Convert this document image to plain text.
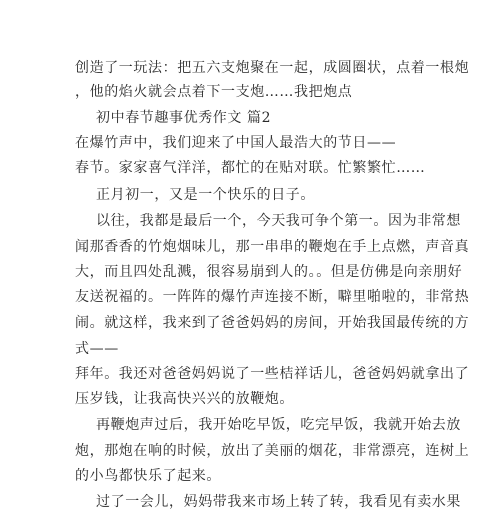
创造了一玩法：把五六支炮聚在一起，成圆圈状，点着一根炮
，他的焰火就会点着下一支炮……我把炮点
初中春节趣事优秀作文 篇2
在爆竹声中，我们迎来了中国人最浩大的节日——
春节。家家喜气洋洋，都忙的在贴对联。忙繁繁忙……
正月初一，又是一个快乐的日子。
以往，我都是最后一个，今天我可争个第一。因为非常想
闻那香香的竹炮烟味儿，那一串串的鞭炮在手上点燃，声音真
大，而且四处乱溅，很容易崩到人的。。但是仿佛是向亲朋好
友送祝福的。一阵阵的爆竹声连接不断，噼里啪啦的，非常热
闹。就这样，我来到了爸爸妈妈的房间，开始我国最传统的方
式——
拜年。我还对爸爸妈妈说了一些桔祥话儿，爸爸妈妈就拿出了
压岁钱，让我高快兴兴的放鞭炮。
再鞭炮声过后，我开始吃早饭，吃完早饭，我就开始去放
炮，那炮在响的时候，放出了美丽的烟花，非常漂亮，连树上
的小鸟都快乐了起来。
过了一会儿，妈妈带我来市场上转了转，我看见有卖水果
